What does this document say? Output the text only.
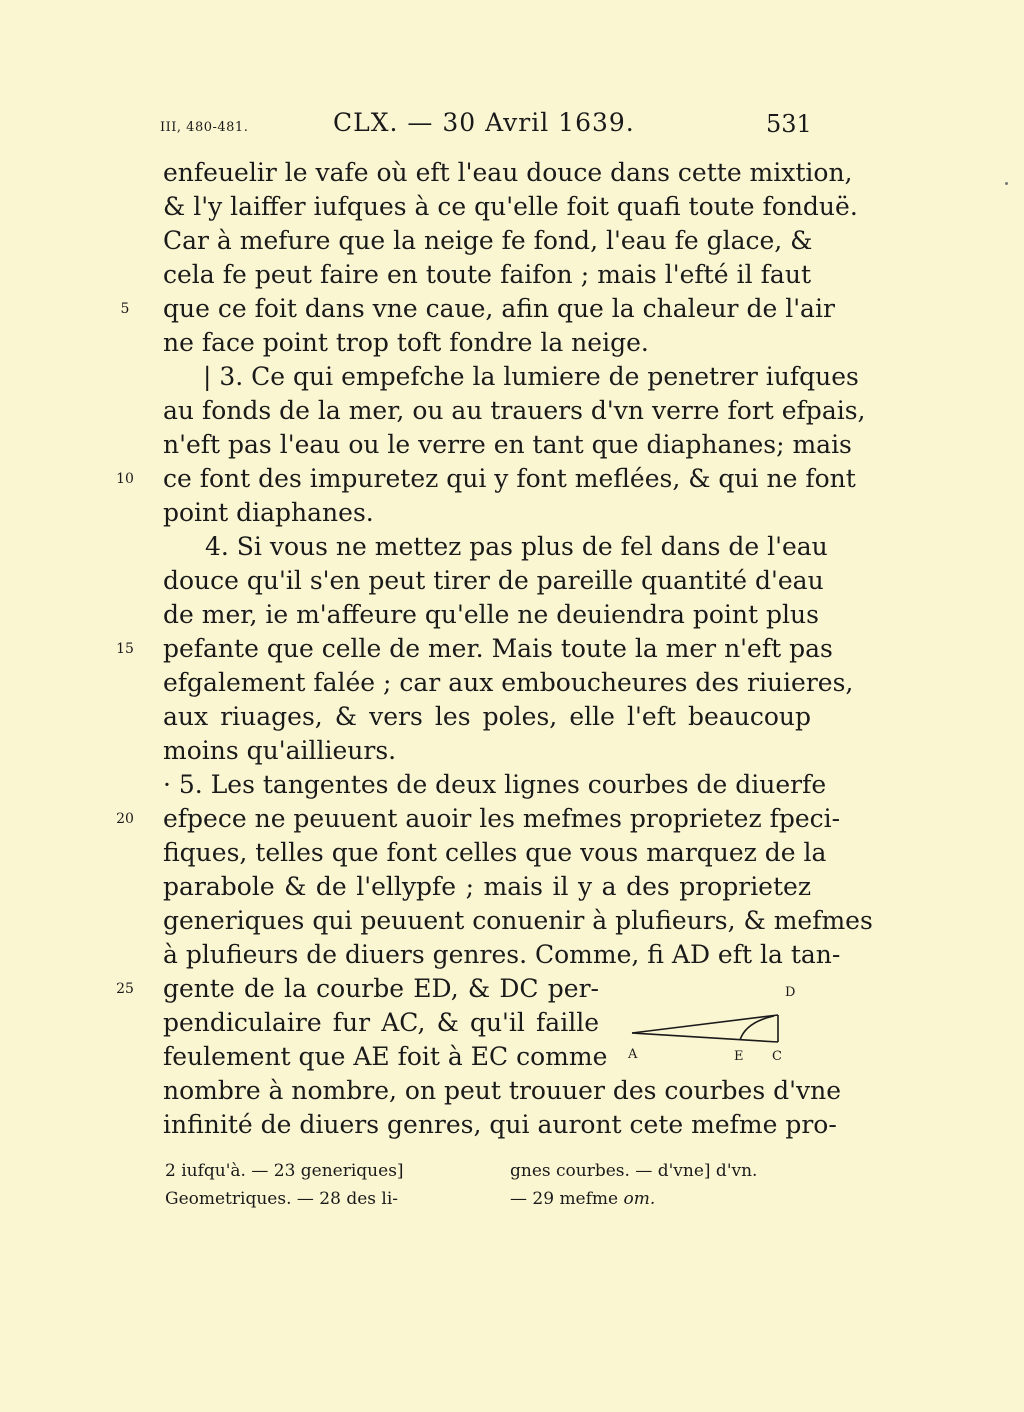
III, 480-481.	CLX. — 30 Avril 1639.	531
enfeuelir le vafe où eft l'eau douce dans cette mixtion,
& l'y laiffer iufques à ce qu'elle foit quafi toute fonduë.
Car à mefure que la neige fe fond, l'eau fe glace, &
cela fe peut faire en toute faifon ; mais l'efté il faut
que ce foit dans vne caue, afin que la chaleur de l'air
5
ne face point trop toft fondre la neige.
| 3. Ce qui empefche la lumiere de penetrer iufques
au fonds de la mer, ou au trauers d'vn verre fort efpais,
n'eft pas l'eau ou le verre en tant que diaphanes; mais
ce font des impuretez qui y font meflées, & qui ne font
10
point diaphanes.
4. Si vous ne mettez pas plus de fel dans de l'eau
douce qu'il s'en peut tirer de pareille quantité d'eau
de mer, ie m'affeure qu'elle ne deuiendra point plus
pefante que celle de mer. Mais toute la mer n'eft pas
15
efgalement falée ; car aux emboucheures des riuieres,
aux riuages, & vers les poles, elle l'eft beaucoup
moins qu'aillieurs.
· 5. Les tangentes de deux lignes courbes de diuerfe
efpece ne peuuent auoir les mefmes proprietez fpeci-
20
fiques, telles que font celles que vous marquez de la
parabole & de l'ellypfe ; mais il y a des proprietez
generiques qui peuuent conuenir à plufieurs, & mefmes
à plufieurs de diuers genres. Comme, fi AD eft la tan-
gente de la courbe ED, & DC per-
25
pendiculaire fur AC, & qu'il faille
feulement que AE foit à EC comme
nombre à nombre, on peut trouuer des courbes d'vne
infinité de diuers genres, qui auront cete mefme pro-
D
A	E C
2 iufqu'à. — 23 generiques]
Geometriques. — 28 des li-
gnes courbes. — d'vne] d'vn.
— 29 mefme om.
